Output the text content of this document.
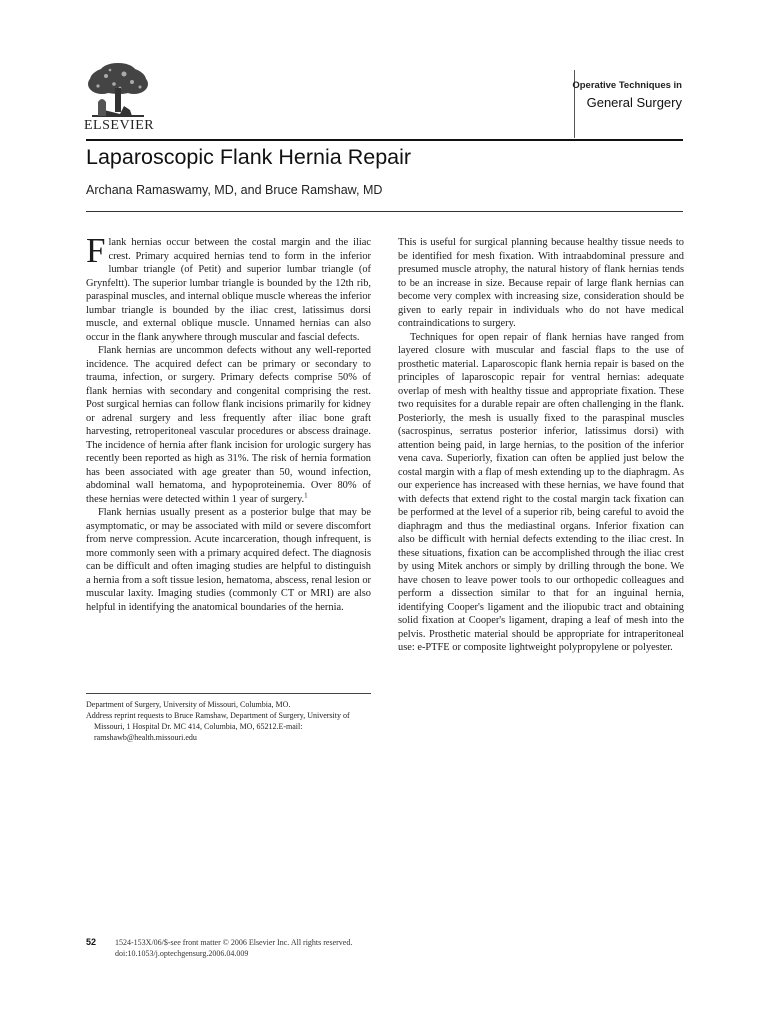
ELSEVIER
Operative Techniques in
General Surgery
Laparoscopic Flank Hernia Repair
Archana Ramaswamy, MD, and Bruce Ramshaw, MD

Flank hernias occur between the costal margin and the iliac crest. Primary acquired hernias tend to form in the inferior lumbar triangle (of Petit) and superior lumbar triangle (of Grynfeltt). The superior lumbar triangle is bounded by the 12th rib, paraspinal muscles, and internal oblique muscle whereas the inferior lumbar triangle is bounded by the iliac crest, latissimus dorsi muscle, and external oblique muscle. Unnamed hernias can also occur in the flank anywhere through muscular and fascial defects.

Flank hernias are uncommon defects without any well-reported incidence. The acquired defect can be primary or secondary to trauma, infection, or surgery. Primary defects comprise 50% of flank hernias with secondary and congenital comprising the rest. Post surgical hernias can follow flank incisions primarily for kidney or adrenal surgery and less frequently after iliac bone graft harvesting, retroperitoneal vascular procedures or abscess drainage. The incidence of hernia after flank incision for urologic surgery has recently been reported as high as 31%. The risk of hernia formation has been associated with age greater than 50, wound infection, abdominal wall hematoma, and hypoproteinemia. Over 80% of these hernias were detected within 1 year of surgery.$^1$

Flank hernias usually present as a posterior bulge that may be asymptomatic, or may be associated with mild or severe discomfort from nerve compression. Acute incarceration, though infrequent, is more commonly seen with a primary acquired defect. The diagnosis can be difficult and often imaging studies are helpful to distinguish a hernia from a soft tissue lesion, hematoma, abscess, renal lesion or muscular laxity. Imaging studies (commonly CT or MRI) are also helpful in identifying the anatomical boundaries of the hernia.

Department of Surgery, University of Missouri, Columbia, MO.

Address reprint requests to Bruce Ramshaw, Department of Surgery, University of Missouri, 1 Hospital Dr. MC 414, Columbia, MO, 65212.E-mail: ramshawb@health.missouri.edu

This is useful for surgical planning because healthy tissue needs to be identified for mesh fixation. With intraabdominal pressure and presumed muscle atrophy, the natural history of flank hernias tends to be an increase in size. Because repair of large flank hernias can become very complex with increasing size, consideration should be given to early repair in individuals who do not have medical contraindications to surgery.

Techniques for open repair of flank hernias have ranged from layered closure with muscular and fascial flaps to the use of prosthetic material. Laparoscopic flank hernia repair is based on the principles of laparoscopic repair for ventral hernias: adequate overlap of mesh with healthy tissue and appropriate fixation. These two requisites for a durable repair are often challenging in the flank. Posteriorly, the mesh is usually fixed to the paraspinal muscles (sacrospinus, serratus posterior inferior, latissimus dorsi) with attention being paid, in large hernias, to the position of the inferior vena cava. Superiorly, fixation can often be applied just below the costal margin with a flap of mesh extending up to the diaphragm. As our experience has increased with these hernias, we have found that with defects that extend right to the costal margin tack fixation can be performed at the level of a superior rib, being careful to avoid the diaphragm and thus the mediastinal organs. Inferior fixation can also be difficult with hernial defects extending to the iliac crest. In these situations, fixation can be accomplished through the iliac crest by using Mitek anchors or simply by drilling through the bone. We have chosen to leave power tools to our orthopedic colleagues and perform a dissection similar to that for an inguinal hernia, identifying Cooper's ligament and the iliopubic tract and obtaining solid fixation at Cooper's ligament, draping a leaf of mesh into the pelvis. Prosthetic material should be appropriate for intraperitoneal use: e-PTFE or composite lightweight polypropylene or polyester.

52 1524-153X/06/$-see front matter © 2006 Elsevier Inc. All rights reserved.
doi:10.1053/j.optechgensurg.2006.04.009
